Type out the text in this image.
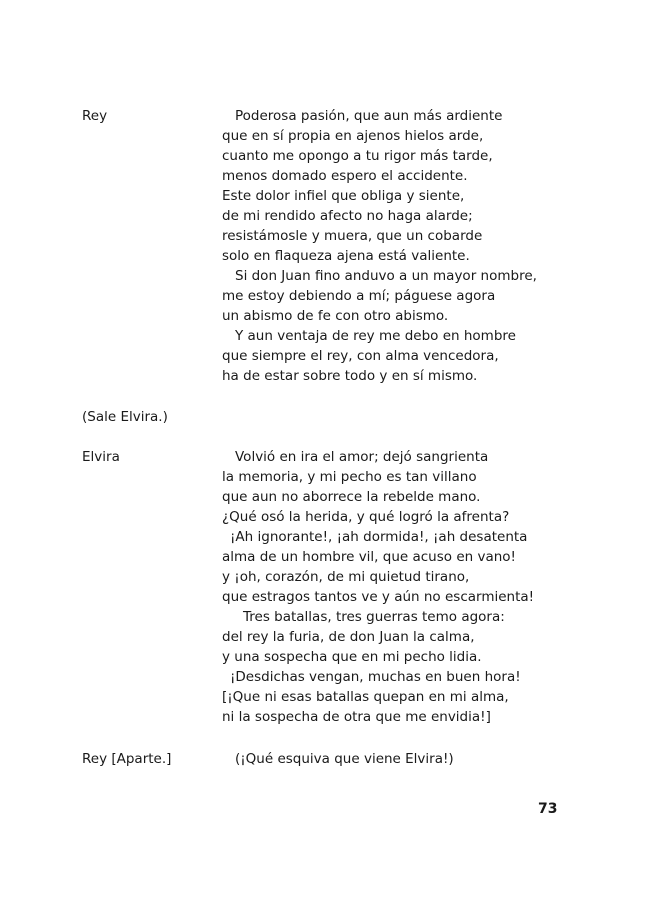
Rey	Poderosa pasión, que aun más ardiente
que en sí propia en ajenos hielos arde,
cuanto me opongo a tu rigor más tarde,
menos domado espero el accidente.
Este dolor infiel que obliga y siente,
de mi rendido afecto no haga alarde;
resistámosle y muera, que un cobarde
solo en flaqueza ajena está valiente.
Si don Juan fino anduvo a un mayor nombre,
me estoy debiendo a mí; páguese agora
un abismo de fe con otro abismo.
Y aun ventaja de rey me debo en hombre
que siempre el rey, con alma vencedora,
ha de estar sobre todo y en sí mismo.
(Sale Elvira.)
Elvira	Volvió en ira el amor; dejó sangrienta
la memoria, y mi pecho es tan villano
que aun no aborrece la rebelde mano.
¿Qué osó la herida, y qué logró la afrenta?
¡Ah ignorante!, ¡ah dormida!, ¡ah desatenta
alma de un hombre vil, que acuso en vano!
y ¡oh, corazón, de mi quietud tirano,
que estragos tantos ve y aún no escarmienta!
Tres batallas, tres guerras temo agora:
del rey la furia, de don Juan la calma,
y una sospecha que en mi pecho lidia.
¡Desdichas vengan, muchas en buen hora!
[¡Que ni esas batallas quepan en mi alma,
ni la sospecha de otra que me envidia!]
Rey [Aparte.]	(¡Qué esquiva que viene Elvira!)
73
